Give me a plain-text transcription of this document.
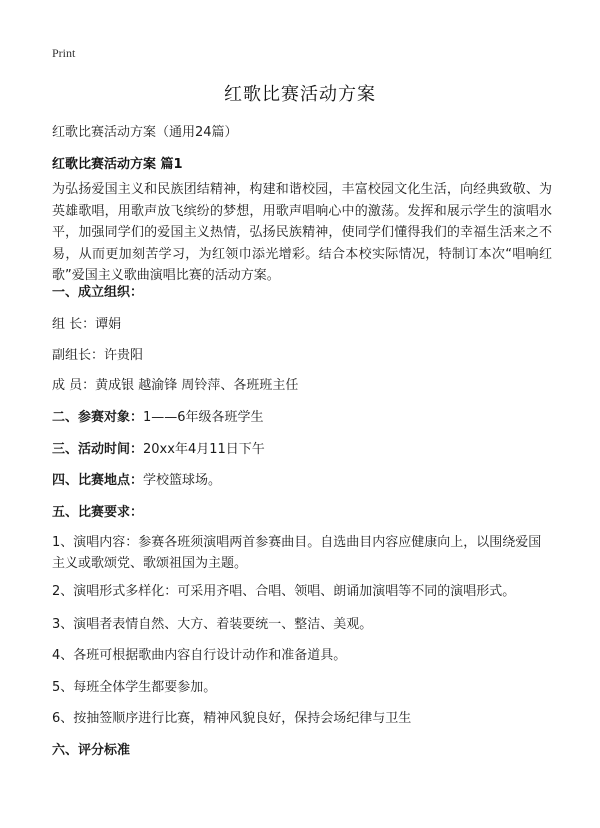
Print
红歌比赛活动方案
红歌比赛活动方案（通用24篇）
红歌比赛活动方案 篇1
为弘扬爱国主义和民族团结精神，构建和谐校园，丰富校园文化生活，向经典致敬、为英雄歌唱，用歌声放飞缤纷的梦想，用歌声唱响心中的激荡。发挥和展示学生的演唱水平，加强同学们的爱国主义热情，弘扬民族精神，使同学们懂得我们的幸福生活来之不易，从而更加刻苦学习，为红领巾添光增彩。结合本校实际情况，特制订本次“唱响红歌”爱国主义歌曲演唱比赛的活动方案。
一、成立组织：
组 长：谭娟
副组长：许贵阳
成 员：黄成银 越渝锋 周铃萍、各班班主任
二、参赛对象：1——6年级各班学生
三、活动时间：20xx年4月11日下午
四、比赛地点：学校篮球场。
五、比赛要求：
1、演唱内容：参赛各班须演唱两首参赛曲目。自选曲目内容应健康向上，以围绕爱国主义或歌颂党、歌颂祖国为主题。
2、演唱形式多样化：可采用齐唱、合唱、领唱、朗诵加演唱等不同的演唱形式。
3、演唱者表情自然、大方、着装要统一、整洁、美观。
4、各班可根据歌曲内容自行设计动作和准备道具。
5、每班全体学生都要参加。
6、按抽签顺序进行比赛，精神风貌良好，保持会场纪律与卫生
六、评分标准
